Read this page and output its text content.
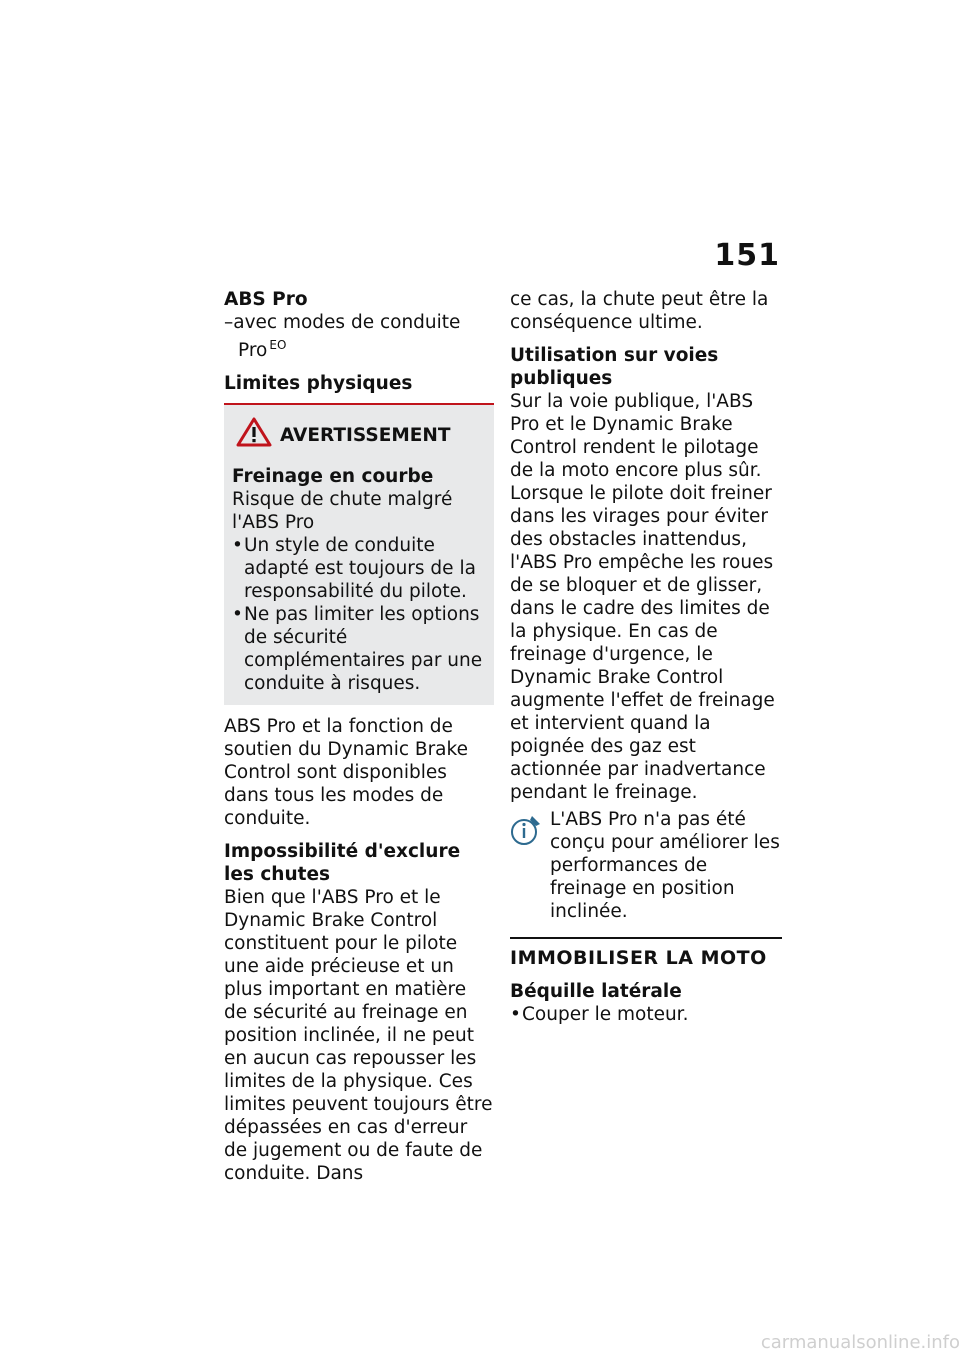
151

ABS Pro

–avec modes de conduite Pro $^{EO}$

Limites physiques

AVERTISSEMENT

Freinage en courbe

Risque de chute malgré l'ABS Pro

• Un style de conduite adapté est toujours de la responsabilité du pilote.
• Ne pas limiter les options de sécurité complémentaires par une conduite à risques.

ABS Pro et la fonction de soutien du Dynamic Brake Control sont disponibles dans tous les modes de conduite.

Impossibilité d'exclure les chutes

Bien que l'ABS Pro et le Dynamic Brake Control constituent pour le pilote une aide précieuse et un plus important en matière de sécurité au freinage en position inclinée, il ne peut en aucun cas repousser les limites de la physique. Ces limites peuvent toujours être dépassées en cas d'erreur de jugement ou de faute de conduite. Dans

ce cas, la chute peut être la conséquence ultime.

Utilisation sur voies publiques

Sur la voie publique, l'ABS Pro et le Dynamic Brake Control rendent le pilotage de la moto encore plus sûr. Lorsque le pilote doit freiner dans les virages pour éviter des obstacles inattendus, l'ABS Pro empêche les roues de se bloquer et de glisser, dans le cadre des limites de la physique. En cas de freinage d'urgence, le Dynamic Brake Control augmente l'effet de freinage et intervient quand la poignée des gaz est actionnée par inadvertance pendant le freinage.

L'ABS Pro n'a pas été conçu pour améliorer les performances de freinage en position inclinée.

IMMOBILISER LA MOTO

Béquille latérale

• Couper le moteur.
carmanualsonline.info
